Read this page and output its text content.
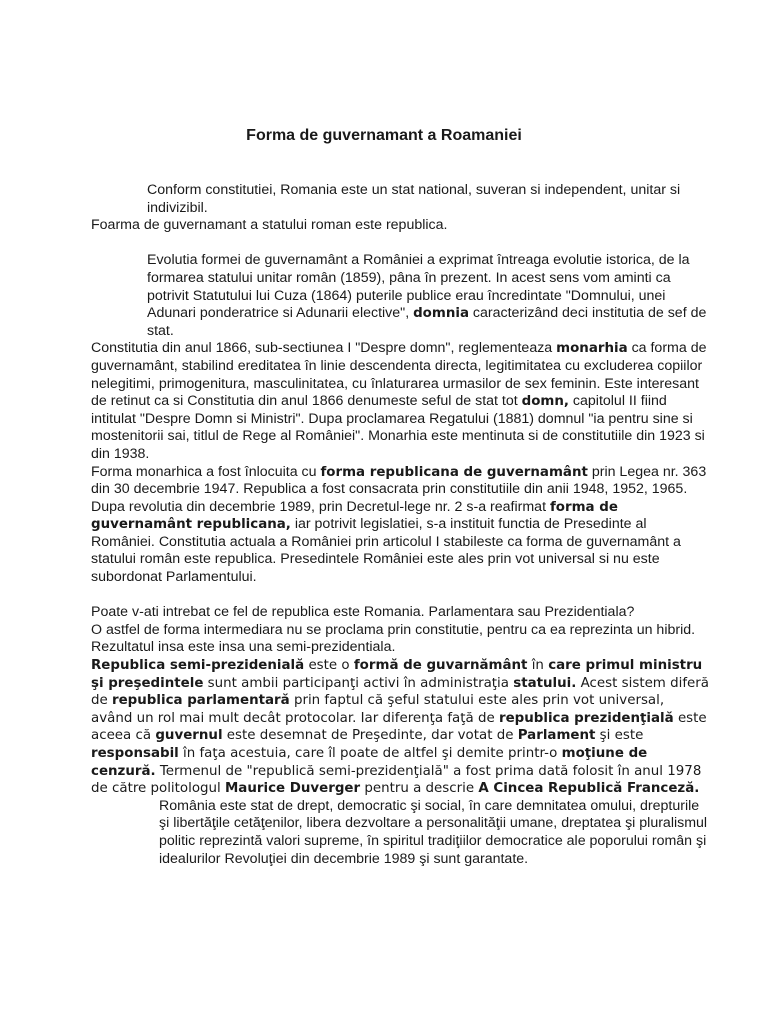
Forma de guvernamant a Roamaniei

Conform constitutiei, Romania este un stat national, suveran si independent, unitar si indivizibil.

Foarma de guvernamant a statului roman este republica.

Evolutia formei de guvernamânt a României a exprimat întreaga evolutie istorica, de la formarea statului unitar român (1859), pâna în prezent. In acest sens vom aminti ca potrivit Statutului lui Cuza (1864) puterile publice erau încredintate "Domnului, unei Adunari ponderatrice si Adunarii elective", domnia caracterizând deci institutia de sef de stat.

Constitutia din anul 1866, sub-sectiunea I "Despre domn", reglementeaza monarhia ca forma de guvernamânt, stabilind ereditatea în linie descendenta directa, legitimitatea cu excluderea copiilor nelegitimi, primogenitura, masculinitatea, cu înlaturarea urmasilor de sex feminin. Este interesant de retinut ca si Constitutia din anul 1866 denumeste seful de stat tot domn, capitolul II fiind intitulat "Despre Domn si Ministri". Dupa proclamarea Regatului (1881) domnul "ia pentru sine si mostenitorii sai, titlul de Rege al României". Monarhia este mentinuta si de constitutiile din 1923 si din 1938.

Forma monarhica a fost înlocuita cu forma republicana de guvernamânt prin Legea nr. 363 din 30 decembrie 1947. Republica a fost consacrata prin constitutiile din anii 1948, 1952, 1965.

Dupa revolutia din decembrie 1989, prin Decretul-lege nr. 2 s-a reafirmat forma de guvernamânt republicana, iar potrivit legislatiei, s-a instituit functia de Presedinte al României. Constitutia actuala a României prin articolul I stabileste ca forma de guvernamânt a statului român este republica. Presedintele României este ales prin vot universal si nu este subordonat Parlamentului.

Poate v-ati intrebat ce fel de republica este Romania. Parlamentara sau Prezidentiala?

O astfel de forma intermediara nu se proclama prin constitutie, pentru ca ea reprezinta un hibrid. Rezultatul insa este insa una semi-prezidentiala.

Republica semi-prezidenială este o formă de guvarnământ în care primul ministru şi preşedintele sunt ambii participanţi activi în administraţia statului. Acest sistem diferă de republica parlamentară prin faptul că şeful statului este ales prin vot universal, având un rol mai mult decât protocolar. Iar diferenţa faţă de republica prezidenţială este aceea că guvernul este desemnat de Preşedinte, dar votat de Parlament şi este responsabil în faţa acestuia, care îl poate de altfel şi demite printr-o moţiune de cenzură. Termenul de "republică semi-prezidenţială" a fost prima dată folosit în anul 1978 de către politologul Maurice Duverger pentru a descrie A Cincea Republică Franceză.

România este stat de drept, democratic şi social, în care demnitatea omului, drepturile şi libertăţile cetăţenilor, libera dezvoltare a personalităţii umane, dreptatea şi pluralismul politic reprezintă valori supreme, în spiritul tradiţiilor democratice ale poporului român şi idealurilor Revoluţiei din decembrie 1989 şi sunt garantate.
